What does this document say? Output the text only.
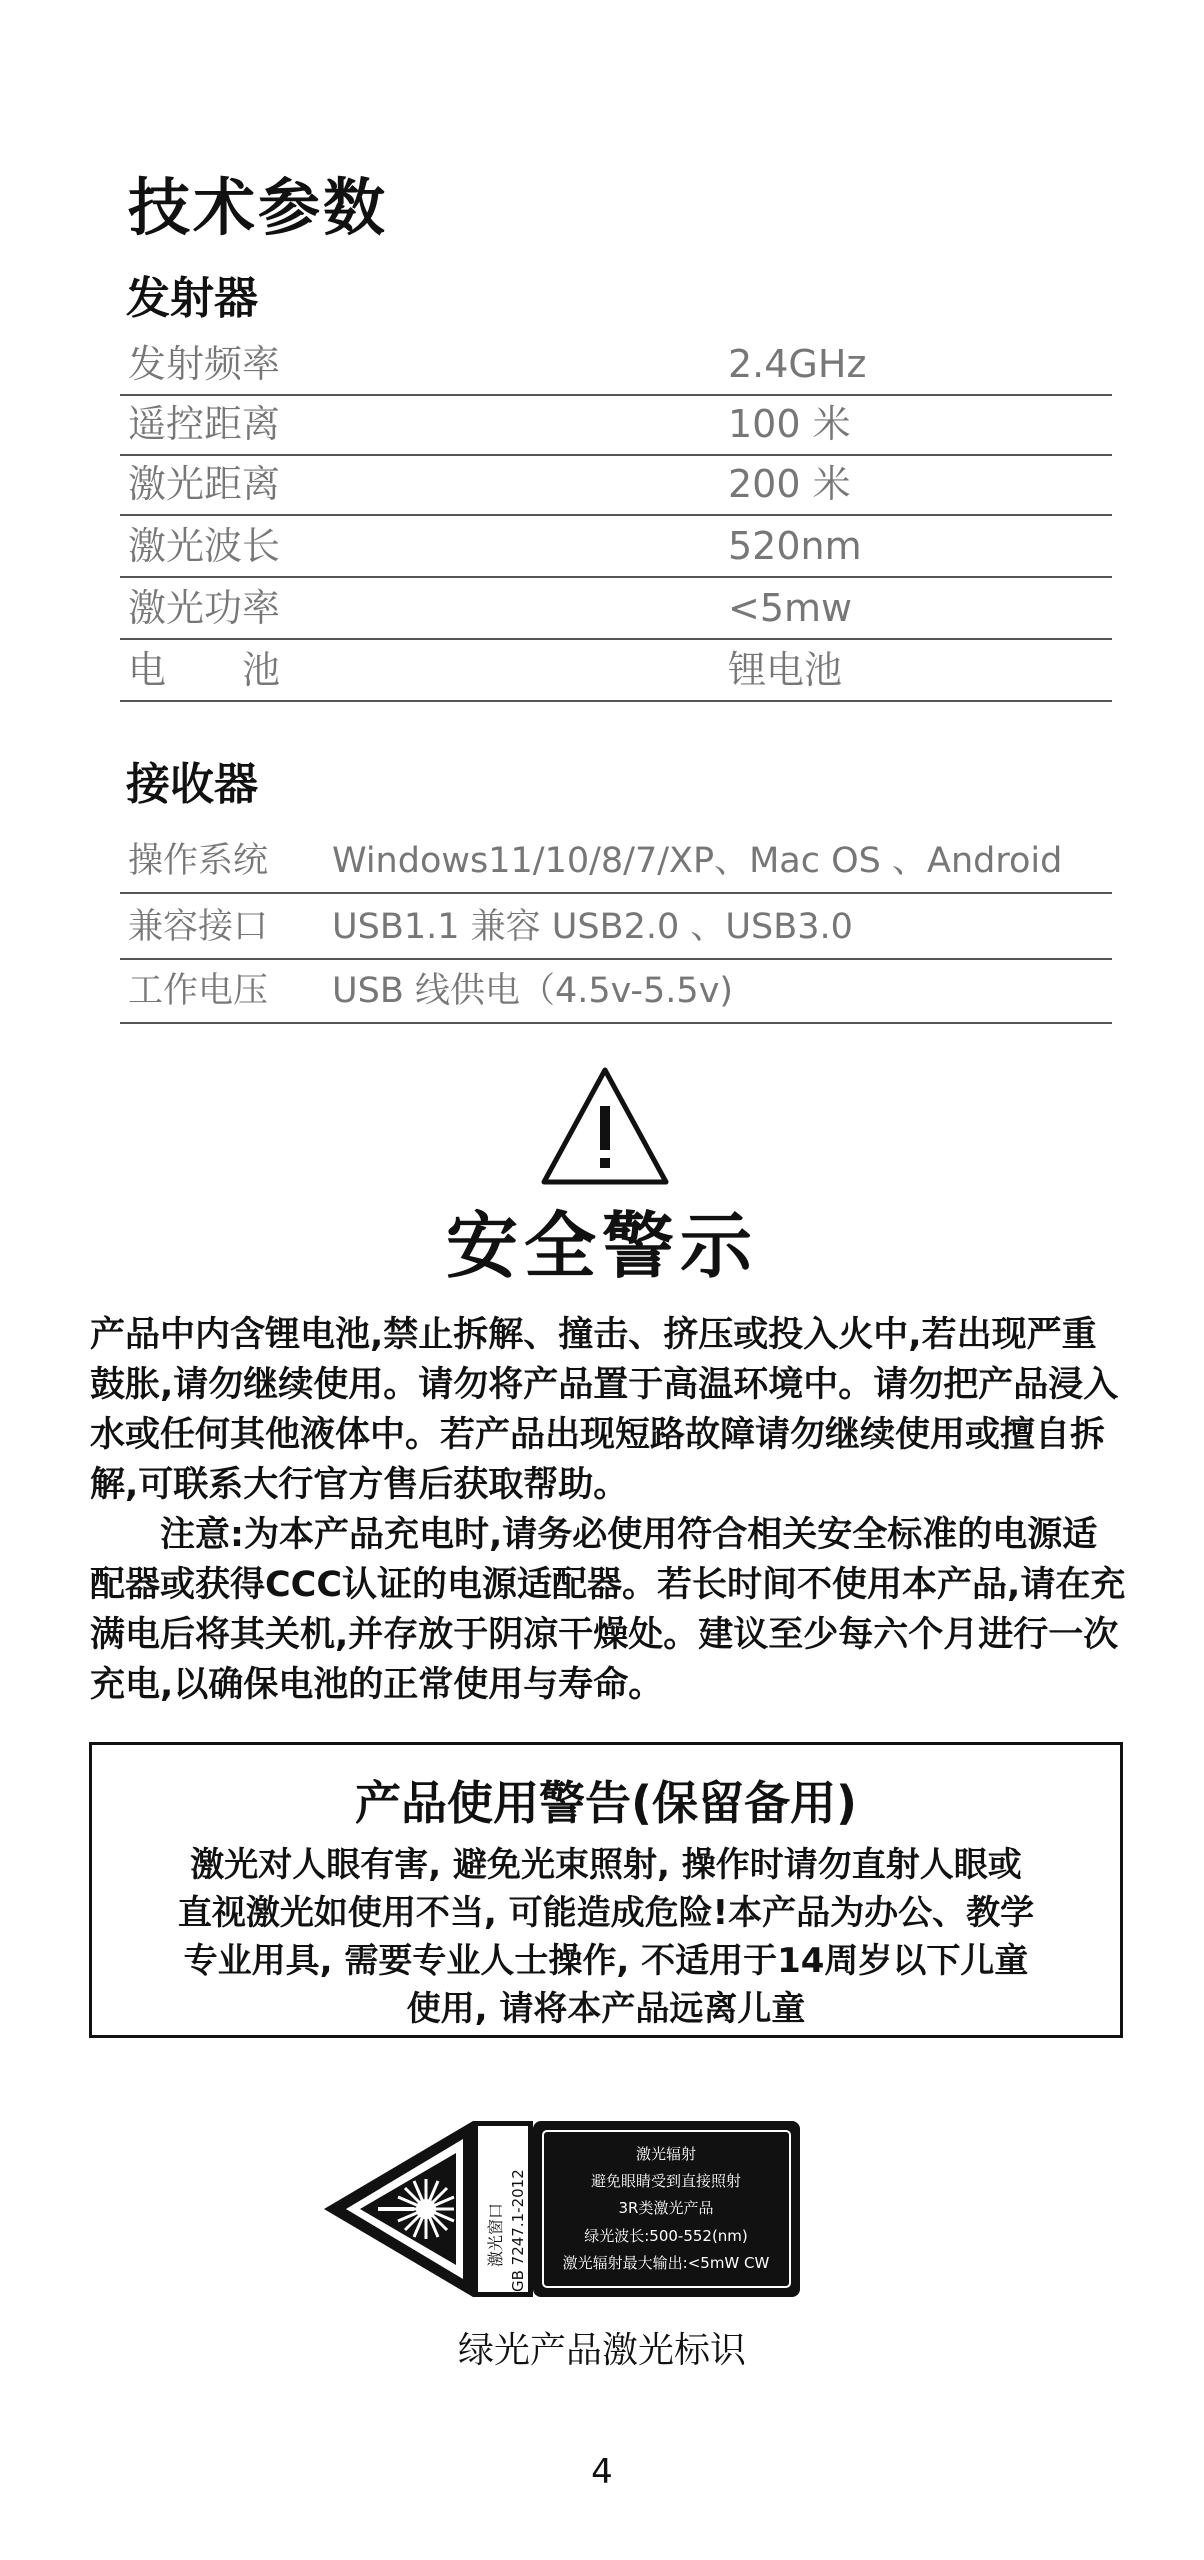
技术参数
发射器
发射频率	2.4GHz
遥控距离	100 米
激光距离	200 米
激光波长	520nm
激光功率	<5mw
电　　池	锂电池
接收器
操作系统 Windows11/10/8/7/XP、Mac OS 、Android
兼容接口 USB1.1 兼容 USB2.0 、USB3.0
工作电压 USB 线供电（4.5v-5.5v)
安全警示

产品中内含锂电池,禁止拆解、撞击、挤压或投入火中,若出现严重鼓胀,请勿继续使用。请勿将产品置于高温环境中。请勿把产品浸入水或任何其他液体中。若产品出现短路故障请勿继续使用或擅自拆解,可联系大行官方售后获取帮助。

注意:为本产品充电时,请务必使用符合相关安全标准的电源适配器或获得CCC认证的电源适配器。若长时间不使用本产品,请在充满电后将其关机,并存放于阴凉干燥处。建议至少每六个月进行一次充电,以确保电池的正常使用与寿命。

产品使用警告(保留备用)
激光对人眼有害, 避免光束照射, 操作时请勿直射人眼或
直视激光如使用不当, 可能造成危险!本产品为办公、教学
专业用具, 需要专业人士操作, 不适用于14周岁以下儿童
使用, 请将本产品远离儿童
激光窗口 GB 7247.1-2012
激光辐射
避免眼睛受到直接照射
3R类激光产品
绿光波长:500-552(nm)
激光辐射最大输出:<5mW CW
绿光产品激光标识
4
